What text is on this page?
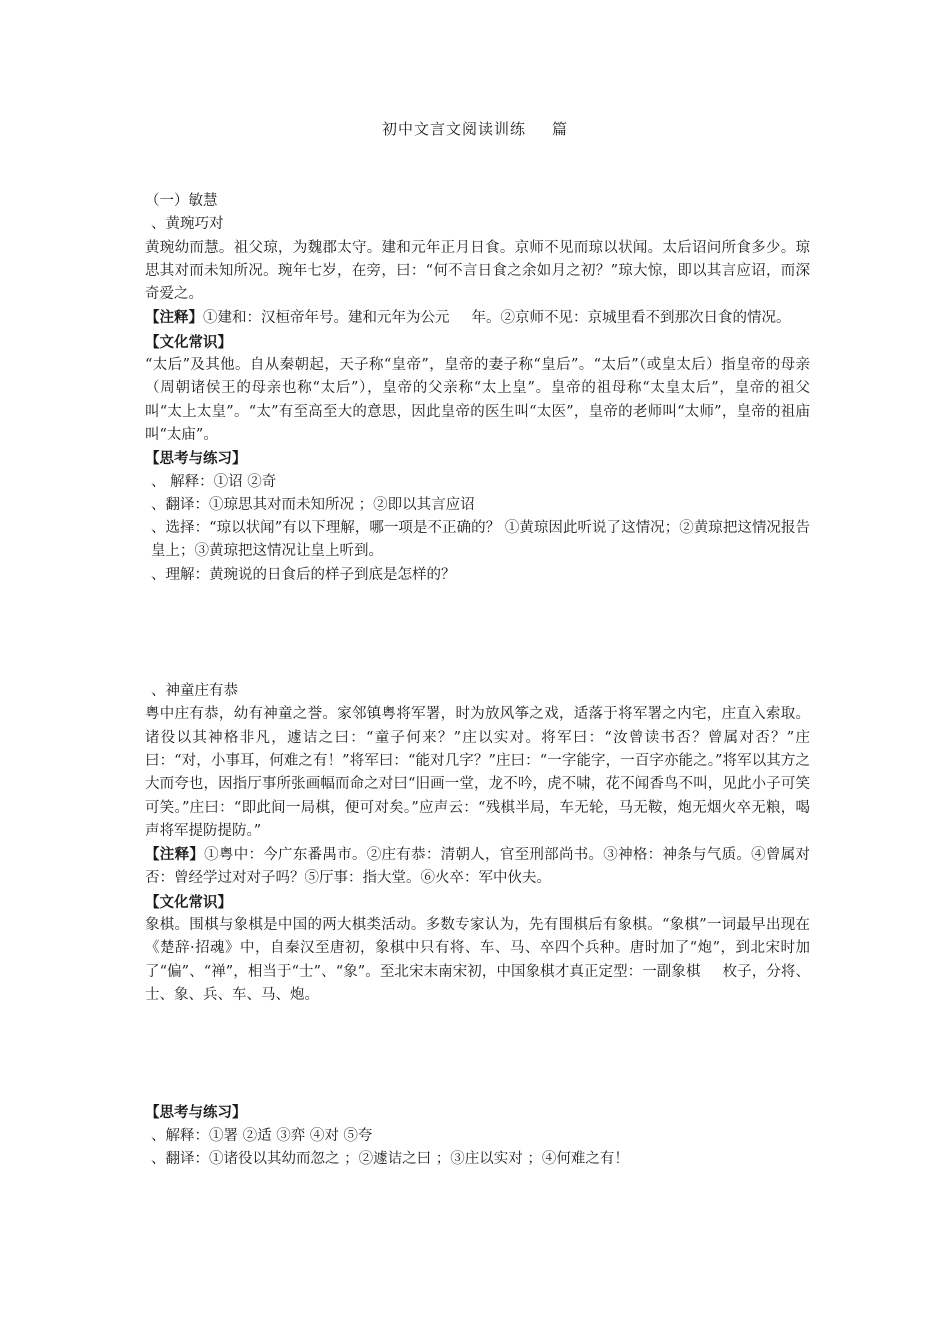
初中文言文阅读训练 篇

（一）敏慧

、黄琬巧对

黄琬幼而慧。祖父琼，为魏郡太守。建和元年正月日食。京师不见而琼以状闻。太后诏问所食多少。琼思其对而未知所况。琬年七岁，在旁，曰：“何不言日食之余如月之初？”琼大惊，即以其言应诏，而深奇爱之。

【注释】①建和：汉桓帝年号。建和元年为公元 年。②京师不见：京城里看不到那次日食的情况。

【文化常识】

“太后”及其他。自从秦朝起，天子称“皇帝”，皇帝的妻子称“皇后”。“太后”（或皇太后）指皇帝的母亲（周朝诸侯王的母亲也称“太后”），皇帝的父亲称“太上皇”。皇帝的祖母称“太皇太后”，皇帝的祖父叫“太上太皇”。“太”有至高至大的意思，因此皇帝的医生叫“太医”，皇帝的老师叫“太师”，皇帝的祖庙叫“太庙”。

【思考与练习】

、 解释：①诏 ②奇

、翻译：①琼思其对而未知所况 ；②即以其言应诏

、选择：“琼以状闻”有以下理解，哪一项是不正确的？ ①黄琼因此听说了这情况；②黄琼把这情况报告皇上；③黄琼把这情况让皇上听到。

、理解：黄琬说的日食后的样子到底是怎样的？

、神童庄有恭

粤中庄有恭，幼有神童之誉。家邻镇粤将军署，时为放风筝之戏，适落于将军署之内宅，庄直入索取。诸役以其神格非凡，遽诘之曰：“童子何来？”庄以实对。将军曰：“汝曾读书否？曾属对否？”庄曰：“对，小事耳，何难之有！”将军曰：“能对几字？”庄曰：“一字能字，一百字亦能之。”将军以其方之大而夸也，因指厅事所张画幅而命之对曰“旧画一堂，龙不吟，虎不啸，花不闻香鸟不叫，见此小子可笑可笑。”庄曰：“即此间一局棋，便可对矣。”应声云：“残棋半局，车无轮，马无鞍，炮无烟火卒无粮，喝声将军提防提防。”

【注释】①粤中：今广东番禺市。②庄有恭：清朝人，官至刑部尚书。③神格：神条与气质。④曾属对否：曾经学过对对子吗？⑤厅事：指大堂。⑥火卒：军中伙夫。

【文化常识】

象棋。围棋与象棋是中国的两大棋类活动。多数专家认为，先有围棋后有象棋。“象棋”一词最早出现在《楚辞·招魂》中，自秦汉至唐初，象棋中只有将、车、马、卒四个兵种。唐时加了“炮”，到北宋时加了“偏”、“禅”，相当于“士”、“象”。至北宋末南宋初，中国象棋才真正定型：一副象棋 枚子，分将、士、象、兵、车、马、炮。

【思考与练习】

、解释：①署 ②适 ③弈 ④对 ⑤夸

、翻译：①诸役以其幼而忽之 ；②遽诘之曰 ；③庄以实对 ；④何难之有！
